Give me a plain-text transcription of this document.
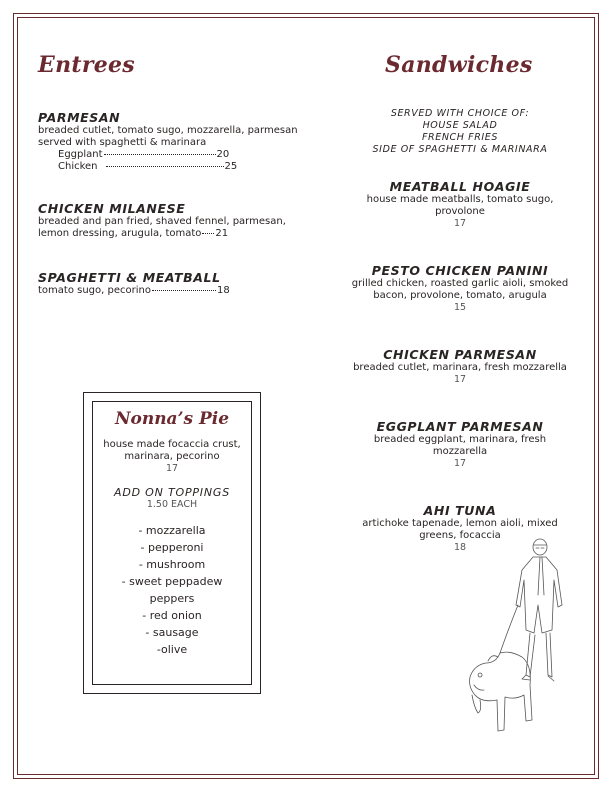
Entrees	Sandwiches
PARMESAN
breaded cutlet, tomato sugo, mozzarella, parmesan served with spaghetti & marinara
Eggplant	20
Chicken	25
CHICKEN MILANESE
breaded and pan fried, shaved fennel, parmesan, lemon dressing, arugula, tomato 21
SPAGHETTI & MEATBALL
tomato sugo, pecorino	18
SERVED WITH CHOICE OF:
HOUSE SALAD
FRENCH FRIES
SIDE OF SPAGHETTI & MARINARA
MEATBALL HOAGIE
house made meatballs, tomato sugo, provolone
17
PESTO CHICKEN PANINI
grilled chicken, roasted garlic aioli, smoked bacon, provolone, tomato, arugula
15
CHICKEN PARMESAN
breaded cutlet, marinara, fresh mozzarella
17
EGGPLANT PARMESAN
breaded eggplant, marinara, fresh mozzarella
17
AHI TUNA
artichoke tapenade, lemon aioli, mixed greens, focaccia
18
Nonna’s Pie
house made focaccia crust, marinara, pecorino
17
ADD ON TOPPINGS
1.50 EACH
- mozzarella
- pepperoni
- mushroom
- sweet peppadew
peppers
- red onion
- sausage
-olive
